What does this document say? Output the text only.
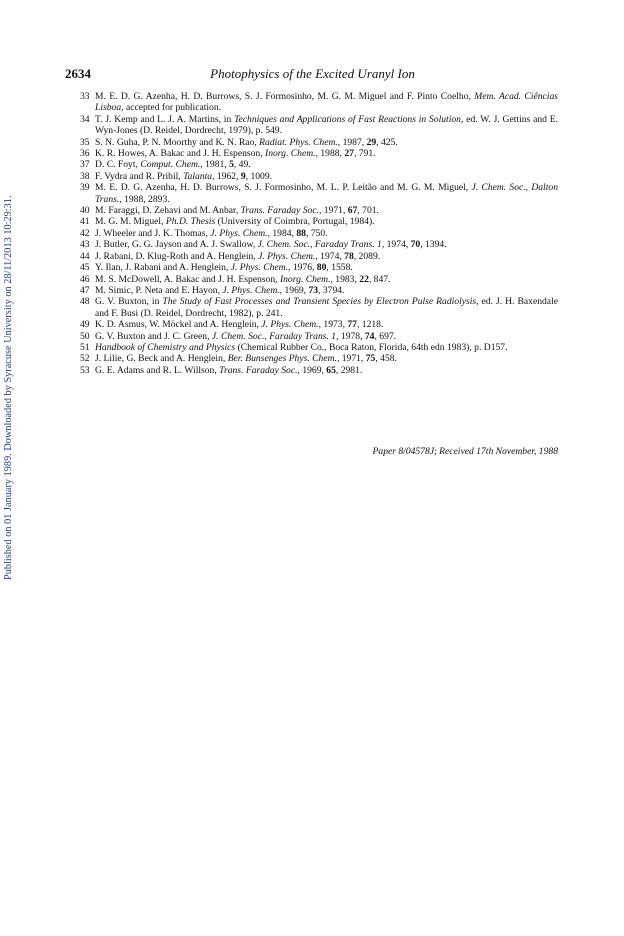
Published on 01 January 1989. Downloaded by Syracuse University on 28/11/2013 10:29:31.
2634	Photophysics of the Excited Uranyl Ion
33 M. E. D. G. Azenha, H. D. Burrows, S. J. Formosinho, M. G. M. Miguel and F. Pinto Coelho, Mem. Acad. Ciências Lisboa, accepted for publication.
34 T. J. Kemp and L. J. A. Martins, in Techniques and Applications of Fast Reactions in Solution, ed. W. J. Gettins and E. Wyn-Jones (D. Reidel, Dordrecht, 1979), p. 549.
35 S. N. Guha, P. N. Moorthy and K. N. Rao, Radiat. Phys. Chem., 1987, 29, 425.
36 K. R. Howes, A. Bakac and J. H. Espenson, Inorg. Chem., 1988, 27, 791.
37 D. C. Foyt, Comput. Chem., 1981, 5, 49.
38 F. Vydra and R. Pribil, Talanta, 1962, 9, 1009.
39 M. E. D. G. Azenha, H. D. Burrows, S. J. Formosinho, M. L. P. Leitão and M. G. M. Miguel, J. Chem. Soc., Dalton Trans., 1988, 2893.
40 M. Faraggi, D. Zehavi and M. Anbar, Trans. Faraday Soc., 1971, 67, 701.
41 M. G. M. Miguel, Ph.D. Thesis (University of Coimbra, Portugal, 1984).
42 J. Wheeler and J. K. Thomas, J. Phys. Chem., 1984, 88, 750.
43 J. Butler, G. G. Jayson and A. J. Swallow, J. Chem. Soc., Faraday Trans. 1, 1974, 70, 1394.
44 J. Rabani, D. Klug-Roth and A. Henglein, J. Phys. Chem., 1974, 78, 2089.
45 Y. Ilan, J. Rabani and A. Henglein, J. Phys. Chem., 1976, 80, 1558.
46 M. S. McDowell, A. Bakac and J. H. Espenson, Inorg. Chem., 1983, 22, 847.
47 M. Simic, P. Neta and E. Hayon, J. Phys. Chem., 1969, 73, 3794.
48 G. V. Buxton, in The Study of Fast Processes and Transient Species by Electron Pulse Radiolysis, ed. J. H. Baxendale and F. Busi (D. Reidel, Dordrecht, 1982), p. 241.
49 K. D. Asmus, W. Möckel and A. Henglein, J. Phys. Chem., 1973, 77, 1218.
50 G. V. Buxton and J. C. Green, J. Chem. Soc., Faraday Trans. 1, 1978, 74, 697.
51 Handbook of Chemistry and Physics (Chemical Rubber Co., Boca Raton, Florida, 64th edn 1983), p. D157.
52 J. Lilie, G. Beck and A. Henglein, Ber. Bunsenges Phys. Chem., 1971, 75, 458.
53 G. E. Adams and R. L. Willson, Trans. Faraday Soc., 1969, 65, 2981.
Paper 8/04578J; Received 17th November, 1988
